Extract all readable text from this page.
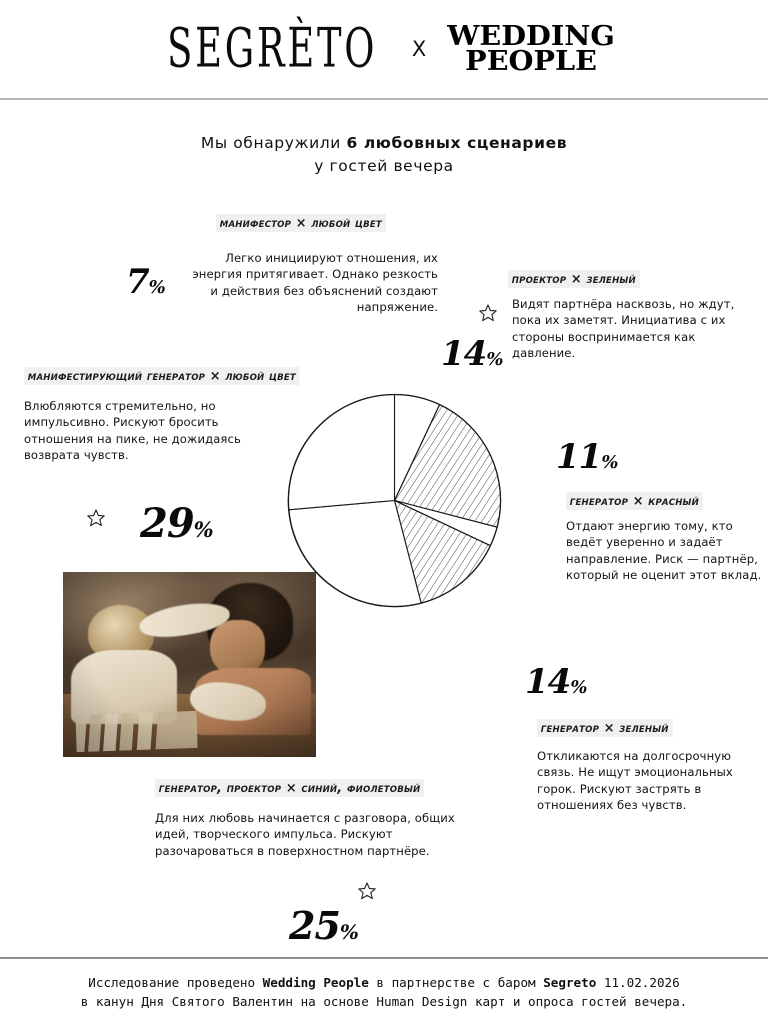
SEGRÈTO X WEDDING
PEOPLE
Мы обнаружили 6 любовных сценариев
у гостей вечера
манифестор × любой цвет
7%
Легко инициируют отношения, их энергия притягивает. Однако резкость и действия без объяснений создают напряжение.
проектор × зеленый
14%
Видят партнёра насквозь, но ждут, пока их заметят. Инициатива с их стороны воспринимается как давление.
манифестирующий генератор × любой цвет
Влюбляются стремительно, но импульсивно. Рискуют бросить отношения на пике, не дожидаясь возврата чувств.
29%
11%
генератор × красный
Отдают энергию тому, кто ведёт уверенно и задаёт направление. Риск — партнёр, который не оценит этот вклад.
14%
генератор × зеленый
Откликаются на долгосрочную связь. Не ищут эмоциональных горок. Рискуют застрять в отношениях без чувств.
генератор, проектор × синий, фиолетовый
Для них любовь начинается с разговора, общих идей, творческого импульса. Рискуют разочароваться в поверхностном партнёре.
25%
Исследование проведено Wedding People в партнерстве с баром Segreto 11.02.2026
в канун Дня Святого Валентин на основе Human Design карт и опроса гостей вечера.
